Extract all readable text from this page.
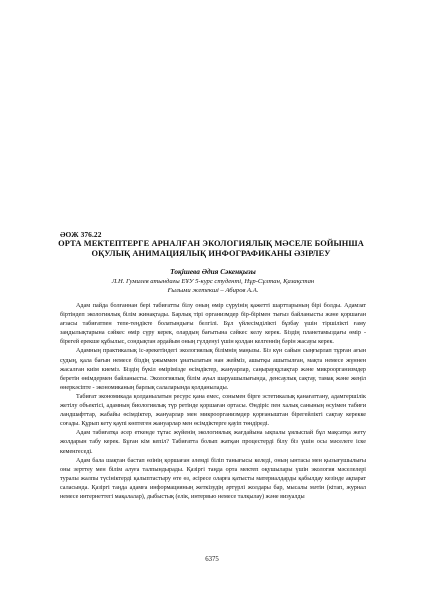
ӘОЖ 376.22
ОРТА МЕКТЕПТЕРГЕ АРНАЛҒАН ЭКОЛОГИЯЛЫҚ МӘСЕЛЕ БОЙЫНША
ОҚУЛЫҚ АНИМАЦИЯЛЫҚ ИНФОГРАФИКАНЫ ӘЗІРЛЕУ
Тоқішева Әдия Сәкенқызы
Л.Н. Гумилев атындағы ЕҰУ 5-курс студенті, Нұр-Сұлтан, Қазақстан
Ғылыми жетекші – Абиров А.А.

Адам пайда болғаннан бері табиғатты білу оның өмір сүруінің қажетті шарттарының бірі болды. Адамзат біртіндеп экологиялық білім жинақтады. Барлық тірі организмдер бір-бірімен тығыз байланысты және қоршаған ағзасы табиғатпен тепе-теңдікте болатындығы белгілі. Бұл үйлесімділікті бұзбау үшін тіршілікті ғаму заңдылықтарына сәйкес өмір сүру керек, олардың бағытына сәйкес келу керек. Біздің планетамыздағы өмір - бірегей ерекше құбылыс, сондықтан әрдайым оның гүлденуі үшін қолдан келгеннің бәрін жасауы керек.

Адамның практикалық іс-әрекетіндегі экологиялық білімнің маңызы. Біз күн сайын сыңғырлап тұрған ағын судың, қала бағын немесе біздің ұжыммен ұнатылатын нан жейміз, ашытқы ашытылған, мақта немесе жүннен жасалған киім киеміз. Біздің бүкіл өмірімізде өсімдіктер, жануарлар, саңырауқұлақтар және микроорганизмдер беретін өнімдермен байланысты. Экологиялық білім ауыл шаруашылығында, денсаулық сақтау, тамақ және жеңіл өнеркәсіпте - экономиканың барлық салаларында қолданылады.

Табиғат экономикада қолданылатын ресурс қана емес, сонымен бірге эстетикалық қанағаттану, адамгершілік жетілу объектісі, адамның биологиялық түр ретінде қоршаған ортасы. Өндіріс пен халық санының өсуімен табиғи ландшафттар, жабайы өсімдіктер, жануарлар мен микроорганизмдер қорғаныштан бірегейлікті сақтау керекке соғады. Құрып кету қаупі көптеген жануарлар мен өсімдіктерге қауіп төндіреді.

Адам табиғатқа әсер еткенде тұтас жүйенің экологиялық жағдайына ықпалы ұялыспай бұл мақсатқа жету жолдарын табу керек. Бұған кім кепіл? Табиғатта болып жатқан процестерді білу біз үшін осы мәселеге іске кеменгеседі.

Адам бала шақтан бастап өзінің қоршаған әлемді біліп танығысы келеді, оның ынтасы мен қызығушылығы оны зерттеу мен білім алуға талпындырады. Қазіргі таңда орта мектеп оқушылары үшін экология мәселелері туралы жалпы түсініктерді қалыптастыру өте өз, әсіресе оларға қатысты материалдарды қабылдау кезінде ақпарат саласында. Қазіргі таңда адамға информацияның жеткізудің әртүрлі жолдары бар, мысалы мәтін (кітап, журнал немесе интернеттегі мақалалар), дыбыстық (елік, интервью немесе талқылау) және визуалды

6375
